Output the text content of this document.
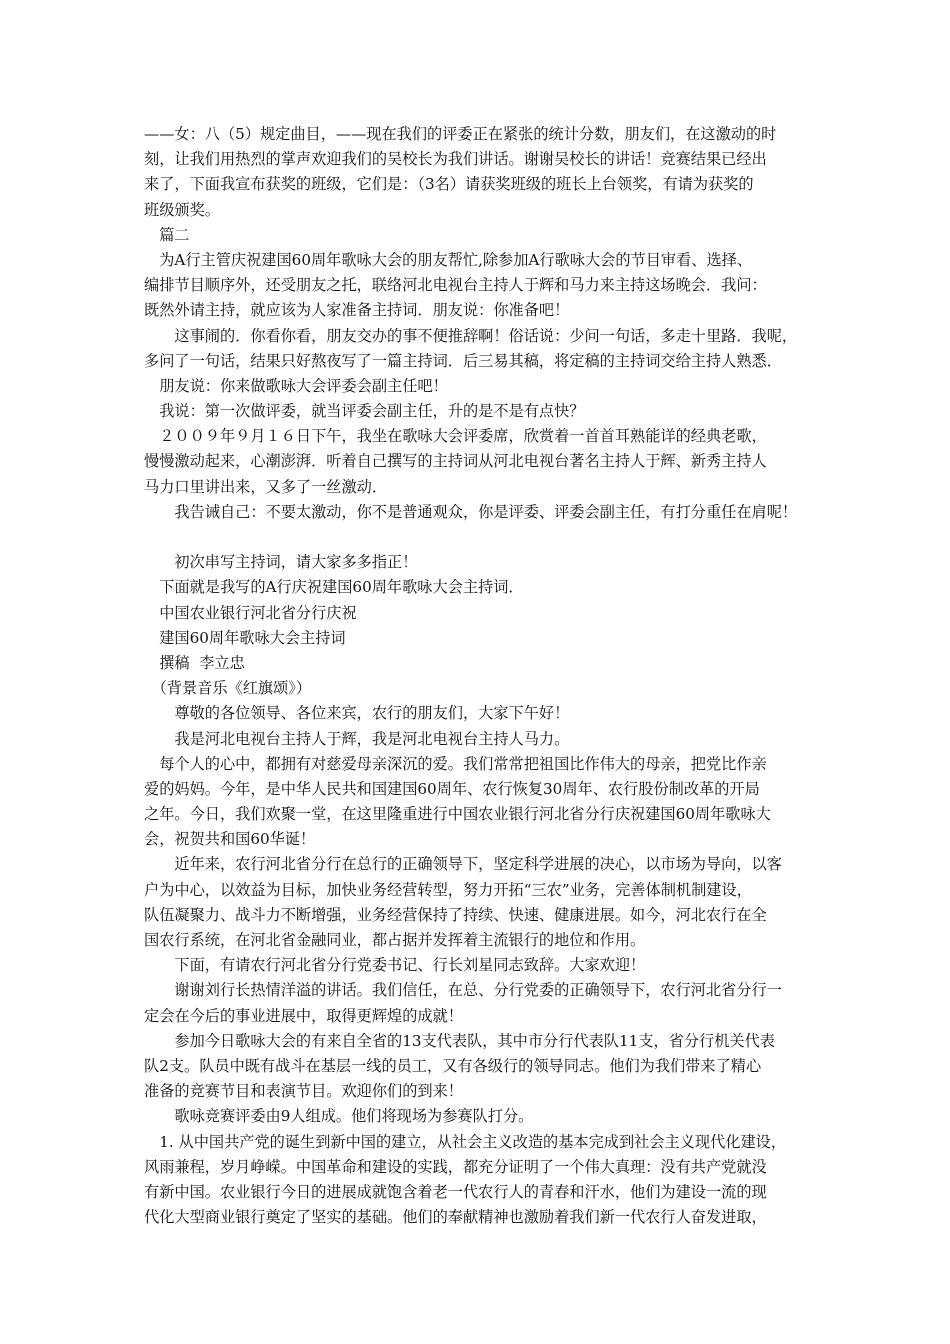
——女：八（5）规定曲目，——现在我们的评委正在紧张的统计分数，朋友们，在这激动的时
刻，让我们用热烈的掌声欢迎我们的吴校长为我们讲话。谢谢吴校长的讲话！竞赛结果已经出
来了，下面我宣布获奖的班级，它们是：（3名）请获奖班级的班长上台领奖，有请为获奖的
班级颁奖。
　篇二
　为A行主管庆祝建国60周年歌咏大会的朋友帮忙,除参加A行歌咏大会的节目审看、选择、
编排节目顺序外，还受朋友之托，联络河北电视台主持人于辉和马力来主持这场晚会．我问：
既然外请主持，就应该为人家准备主持词．朋友说：你准备吧！
　　这事闹的．你看你看，朋友交办的事不便推辞啊！俗话说：少问一句话，多走十里路．我呢，
多问了一句话，结果只好熬夜写了一篇主持词．后三易其稿，将定稿的主持词交给主持人熟悉．
　朋友说：你来做歌咏大会评委会副主任吧！
　我说：第一次做评委，就当评委会副主任，升的是不是有点快？
　２００９年９月１６日下午，我坐在歌咏大会评委席，欣赏着一首首耳熟能详的经典老歌，
慢慢激动起来，心潮澎湃．听着自己撰写的主持词从河北电视台著名主持人于辉、新秀主持人
马力口里讲出来，又多了一丝激动．
　　我告诫自己：不要太激动，你不是普通观众，你是评委、评委会副主任，有打分重任在肩呢！
　　初次串写主持词，请大家多多指正！
　下面就是我写的A行庆祝建国60周年歌咏大会主持词．
　中国农业银行河北省分行庆祝
　建国60周年歌咏大会主持词
　撰稿  李立忠
　（背景音乐《红旗颂》）
　　尊敬的各位领导、各位来宾，农行的朋友们，大家下午好！
　　我是河北电视台主持人于辉，我是河北电视台主持人马力。
　每个人的心中，都拥有对慈爱母亲深沉的爱。我们常常把祖国比作伟大的母亲，把党比作亲
爱的妈妈。今年，是中华人民共和国建国60周年、农行恢复30周年、农行股份制改革的开局
之年。今日，我们欢聚一堂，在这里隆重进行中国农业银行河北省分行庆祝建国60周年歌咏大
会，祝贺共和国60华诞！
　　近年来，农行河北省分行在总行的正确领导下，坚定科学进展的决心，以市场为导向，以客
户为中心，以效益为目标，加快业务经营转型，努力开拓“三农”业务，完善体制机制建设，
队伍凝聚力、战斗力不断增强，业务经营保持了持续、快速、健康进展。如今，河北农行在全
国农行系统，在河北省金融同业，都占据并发挥着主流银行的地位和作用。
　　下面，有请农行河北省分行党委书记、行长刘星同志致辞。大家欢迎！
　　谢谢刘行长热情洋溢的讲话。我们信任，在总、分行党委的正确领导下，农行河北省分行一
定会在今后的事业进展中，取得更辉煌的成就！
　　参加今日歌咏大会的有来自全省的13支代表队，其中市分行代表队11支，省分行机关代表
队2支。队员中既有战斗在基层一线的员工，又有各级行的领导同志。他们为我们带来了精心
准备的竞赛节目和表演节目。欢迎你们的到来！
　　歌咏竞赛评委由9人组成。他们将现场为参赛队打分。
　1. 从中国共产党的诞生到新中国的建立，从社会主义改造的基本完成到社会主义现代化建设，
风雨兼程，岁月峥嵘。中国革命和建设的实践，都充分证明了一个伟大真理：没有共产党就没
有新中国。农业银行今日的进展成就饱含着老一代农行人的青春和汗水，他们为建设一流的现
代化大型商业银行奠定了坚实的基础。他们的奉献精神也激励着我们新一代农行人奋发进取，
